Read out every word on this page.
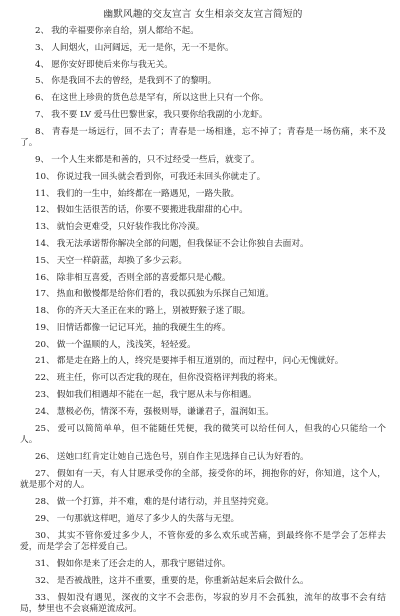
幽默风趣的交友宣言 女生相亲交友宣言简短的
2、 我的幸福要你亲自给，别人都给不起。
3、 人间烟火，山河阔远，无一是你，无一不是你。
4、 愿你安好即使后来你与我无关。
5、 你是我回不去的曾经，是我到不了的黎明。
6、 在这世上珍贵的货色总是罕有，所以这世上只有一个你。
7、 我不要 LV 爱马仕巴黎世家，我只要你给我副的小龙虾。
8、 青春是一场远行，回不去了；青春是一场相逢，忘不掉了；青春是一场伤痛，来不及了。
9、 一个人生来都是和善的，只不过经受一些后，就变了。
10、 你说过我一回头就会看到你，可我还未回头你就走了。
11、 我们的一生中，始终都在一路遇见，一路失散。
12、 假如生活很苦的话，你要不要搬进我甜甜的心中。
13、 就怕会更难受，只好装作我比你冷漠。
14、 我无法承诺帮你解决全部的问题，但我保证不会让你独自去面对。
15、 天空一样蔚蓝，却换了多少云彩。
16、 除非相互喜爱，否则全部的喜爱都只是心酸。
17、 热血和傲慢都是给你们看的，我以孤独为乐探自己知道。
18、 你的齐天大圣正在来的'路上，别被野猴子迷了眼。
19、 旧情话都像一记记耳光，抽的我硬生生的疼。
20、 做一个温顺的人，浅浅笑，轻轻爱。
21、 都是走在路上的人，终究是要摔手相互道别的，而过程中，问心无愧就好。
22、 班主任，你可以否定我的现在，但你没资格评判我的将来。
23、 假如我们相遇却不能在一起，我宁愿从未与你相遇。
24、 慧极必伤，情深不寿，强极则辱，谦谦君子，温润如玉。
25、 爱可以简简单单，但不能随任凭便，我的微笑可以给任何人，但我的心只能给一个人。
26、 送她口红肯定让她自己选色号，别自作主见选择自己认为好看的。
27、 假如有一天，有人甘愿承受你的全部，接受你的坏，拥抱你的好，你知道，这个人，就是那个对的人。
28、 做一个打算，并不难，难的是付诸行动，并且坚持究竟。
29、 一句那就这样吧，道尽了多少人的失落与无望。
30、 其实不管你爱过多少人，不管你爱的多么欢乐或苦痛，到最终你不是学会了怎样去爱，而是学会了怎样爱自己。
31、 假如你是来了还会走的人，那我宁愿错过你。
32、 是否被战胜，这并不重要，重要的是，你重新站起来后会做什么。
33、 假如没有遇见，深夜的文字不会悲伤，岑寂的岁月不会孤独，流年的故事不会有结局，梦里也不会哀痛逆流成河。
